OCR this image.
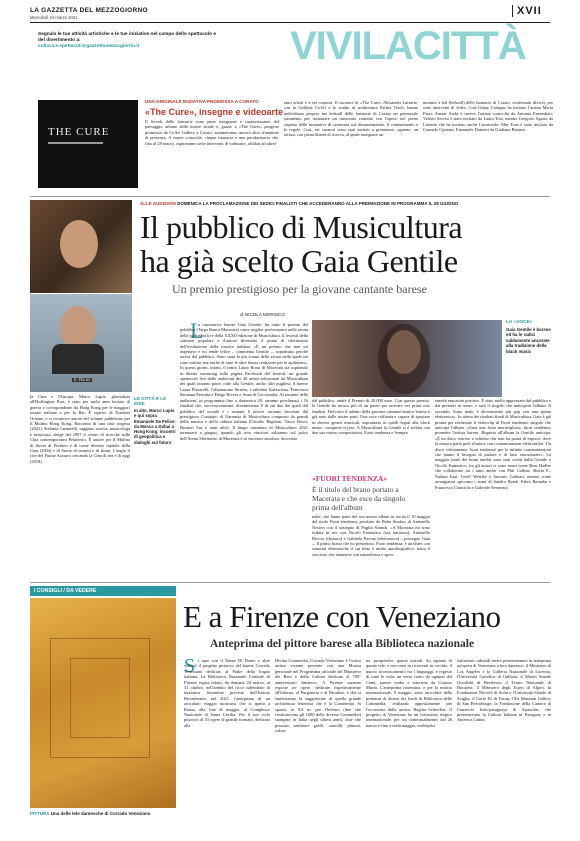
LA GAZZETTA DEL MEZZOGIORNO
Mercoledì 24 marzo 2021
XVII
Segnala le tue attività artistiche e le tue iniziative nel campo dello spettacolo e del divertimento a:
cultura.e.spettacoli@gazzettamezzogiorno.it	VIVILACITTÀ
THE CURE
UNA ORIGINALE INIZIATIVA PROMOSSA A CORATO
«The Cure», insegne e videoarte
Il fervoli delle farmacie sono parte integrante e caratterizzante del paesaggio urbano delle nostre strade e, grazie a «The Cure», progetto promosso da CoArt Gallery a Corato, assumeranno ancora altre sfumature di presenza. A essere coinvolte, cinque farmacie e una parafarmacia che, fino al 28 marzo, ospiteranno sette interventi di videoarte, affidati ad altret-
tanti artisti e a sei curatori. Il curatore di «The Cure» Alexander Larrarte, con la Galleria CoArt e lo studio di architettura Esther Tetoli, hanno individuato proprio nei ledwall delle farmacie di Corato un potenziale strumento per instaurare un rinnovato contatto con l'opera, nel pieno rispetto delle normative di sicurezza sul distanziamento, il contenimento e le regole. Così, sei curatori sono stati invitati a presentare, ognuno, un artista, con piena libertà di ricerca, al quale assegnare un
monitor a led (ledwall) delle farmacie di Corato, confermati diversi, per sette interventi di video. Così Ginny Caruppo ha invitato l'artista Maria Pizzi; Amaar Arebi è invece l'artista coinvolta da Antonia Ermenliari; Valerio Secchi è stato invitato da Laura Tota, mentre Gregorio Sgarra da Larrarte che ha invitato anche Lucarotolo; Mar Toan è stato invitato da Carmelo Cipriani; Emanuele Dainotti da Giuliana Benassi.
E. FELICI
la Cina e l'Europa. Marco Lupis, giornalista all'Huffington Post, è stato per molti anni inviato di guerra e corrispondente da Hong Kong per le maggiori testate italiane e per la Rai. È esperto di Estremo Oriente, e si riconosce autore del volume pubblicato per il Mulino Hong Kong. Racconto di una città sospesa (2021). Stefania Carmnelli, saggista, storica, musicologa e musicista, dirige dal 2007 il centro di ricerche sulle Cina contemporanea Pekinesfo. È autore per il Mulino di Storia di Pechino e di come diventa capitale della Cina (2004) e di Storie di uomini e di fiumi. L'anglo il rive del Fiume Azzurro cercando la Cina di ieri e di oggi (2018).
LE CITTÀ E LE IDEE
In alto, Marco Lupis e qui sopra Emanuele De Felice: da Mosca a Dubai a Hong Kong: incontri di geopolitica e dialoghi sul futuro
ALLE AUDIZIONI DOMENICA LA PROCLAMAZIONE DEI SEDICI FINALISTI CHE ACCEDERANNO ALLA PREMIAZIONE IN PROGRAMMA IL 28 GIUGNO
Il pubblico di Musicultura
ha già scelto Gaia Gentile
Un premio prestigioso per la giovane cantante barese
di NICOLA MORISCO
L
a cantautrice barese Gaia Gentile, ha vinto il premio del pubblico (Targa Banca Macerata) come miglior performance nella serata delle audizioni live della XXXII edizione di Musicultura, il festival della canzone popolare e d'autore diventato il punto di riferimento dell'evoluzione della musica italiana. «È un premio che non mi aspettavo e mi rende felice – commenta Gentile –, soprattutto perché arriva dal pubblico. Sono stata la più votata della serata nella quale mi sono esibita, ma anche di tutte le altre finora realizzate per le audizioni». In questi giorni, infatti, il teatro Lauro Rossi di Macerata sta ospitando in diretta streaming sulla pagina Facebook del festival, un grande spettacolo live delle audizioni dei 48 artisti selezionati da Musicultura dei quali faranno parte, oltre alla Gentile, anche altri pugliesi: il barese Laura Pizzarelli, l'altamurano Sirteen, i salentini Kalascima, Francesca Rosanna Perrotta e Diego Rivera e Anna di Ceccimalia. Al termine delle audizioni, in programma fino a domenica 28, saranno proclamati i 16 finalisti che, successivamente, diventeranno 8 di cui due dei quali dal pubblico del sociale e i restanti 6 invece saranno decretati dal prestigioso Comitato di Garanzia di Musicultura composto da grandi della musica e della cultura italiana (Claudio Baglioni, Vasco Rossi, Brunori Sas e tanti altri). Il lungo cammino di Musicultura 2021 terminerà a giugno, quando gli otto vincitori saliranno sul palco dell'Arena Sferisterio di Macerata e al vincitore assoluto, decretato
dal pubblico, andrà il Premio di 20.000 euro. Con questo premio, la Gentile ha mosso più di un passo per arrivare nei primi otto finalisti. Del resto il talento della giovane cantante autrice barese è già noto dalle nostre parti. Una voce raffinata e capace di spaziare in diversi generi musicali, soprattutto in quelli legati alla black music, comprese il jazz. A Musicultura la Gentile si è esibita con due sue nuove composizioni, Fuori tendenza e Sempre
«FUORI TENDENZA»
È il titolo del brano portato a Macerata e che esce da singolo prima dell'album
male, che fanno parte del suo nuovo album in uscita il 10 maggio del titolo Fuori tendenza, prodotto da Boba Studios di Antonello Nesteri con il sostegno di Puglia Sounds. «A Macerata mi sono esibita in trio con Nicolò Fantastico (sax baritono), Antonello Boccia (chitarra) e Gabriele Pavino (elettronica) – prosegue Gaia –. Il primo brano che ho presentato, Fuori tendenza, è un blues con sonorità elettroniche il cui testo è molto autobiografico: tratta il successo che trasmette con naturalezza e spon-
taneità emozioni positive. È stato molto apprezzato dal pubblico e dai presenti in teatro, e sarà il singolo che anticiperà l'album. Il secondo, Sono male, è decisamente più pop con una spinta elettronica». In attesa dei risultati finali di Musicultura, Gaia è già pronta per realizzare il videoclip di Fuori tendenza, singolo che anticipa l'album. «Sarà una festa meravigliosa, fuori tendenza, promette l'artista barese. Rispetto all'album la Gentile anticipa: «È un disco sincero e schietto che non ha paura di esporsi, dove la musica parla però d'autore con contaminazioni elettroniche. Un disco volutamente 'fuori tendenza' per le infinite contaminazioni che hanno il bisogno di parlare e di farsi emozionare». La maggior parte dei brani inediti sono stati scritti dalla Gentile e Nicolò Fantastico, tra gli autori ci sono nomi come Rear Hadler che collaborato tra i tanti anche con Phil Collins, Sheila E., Nathan East, Geoff Westley e Antonio Galbiati, mentre come arrangiatori spiccano i nomi di Sandro Baiek, Fabio Barnaba e Francesco Cianciola e Gabriele Semeraro.
LA «VOCE»
Gaia Gentile è barese ed ha le radici saldamente ancorate alla tradizione della black music
I CONSIGLI / DA VEDERE
PITTURA Una delle tele dantesche di Corrado Veneziano
E a Firenze con Veneziano
Anteprima del pittore barese alla Biblioteca nazionale
S i apre con il Dante Di Dante e altre visioni' il progetto pittorico del barese Corrado Veneziano dedicato al Padre della lingua italiana. La Biblioteca Nazionale Centrale di Firenze espira infatti, da domani, 24 marzo, al 31 ottobre, nell'ambito del ricco calendario di iniziative fiorentine previste dall'Istituto Bicentenario nel 2021, l'anteprima di un articolato viaggio mostrarsi che si aprirà a Roma, alla fine di maggio, al Complesso Nazionale di Santa Cecilia. Per il suo ciclo pittorico di 33 opere di grande formato, dedicato alla
Divina Commedia, Corrado Veneziano è l'unico artista vivente presente con una Mostra personale nel Programma ufficiale del Ministero dei Beni e della Cultura dedicato al 700° anniversario dantesco. A Firenze saranno esposte tre opere, dedicate rispettivamente all'Inferno, al Purgatorio e al Paradiso, e che si sintetizzano la suggestione di quella grande architettura letteraria che è la Commedia. Si spazia, in 9,8 m. per l'Inferno (due che costituiscono gli 1680 delle diverse Commedie) stampate in Italia negli ultimi anni); liste che possono sembrare graffi, cancelli, plutoni, colon-
ne, prospettive, quinte teatrali. Su ognuna di queste tele, e con versi in ricorrenti in cerchio, il nuovo riconoscimento fra i linguaggi, e regesto di tutte le volte un verso tratto da ognuno dei Canti, spesso scelte e trascritte da Cosimo Morra. L'anteprima fiorentina, e per la mostra internazionale, 9 maggio, sono arricchite dalla presenza di alcuni dei fondi di Biblioteca delle Commedia, realizzati appositamente per l'occasione dalla artista, Regina Schrecker. Il progetto di Veneziano ha un fortissimo respiro internazionale, per cui contestualmente, dal 26 marzo e fino a metà maggio, molteplici
istituzioni culturali estere presenteranno in anteprima un'opera di Veneziano a loro dantesco: il Ministero di Los Angeles e la Galleria Nazionale di Lucerna; l'Università Cattolica di Gallizia; il Museo Statale Ossoliski di Breslavia; il Teatro Nazionale di Bucarest; il Ministero degli Esteri di Algeri, la Fondazione Niccolò di Sofia e l'Università Statale di Sviglia; il Corte IG di Torun, l'Art Museum Gallery di San Pietroburgo; la Fondazione della Camera di Comercio Italo-paraguaya di Asunción, che presentavano la Cultura Italiana in Paraguay e in America Latina.
